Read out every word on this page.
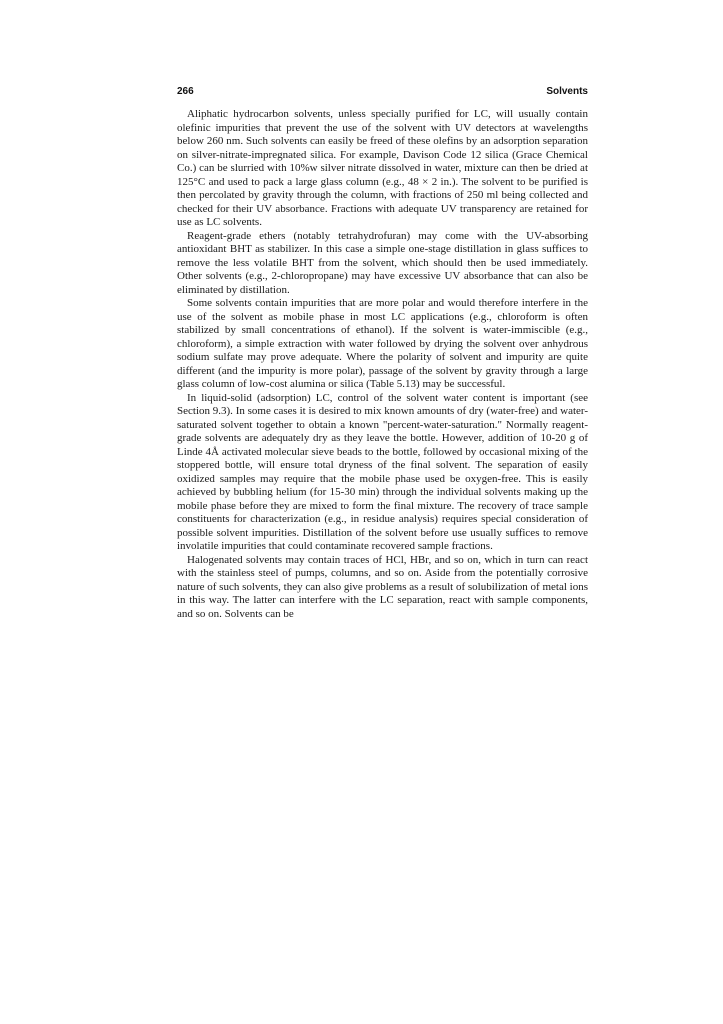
266	Solvents

Aliphatic hydrocarbon solvents, unless specially purified for LC, will usually contain olefinic impurities that prevent the use of the solvent with UV detectors at wavelengths below 260 nm. Such solvents can easily be freed of these olefins by an adsorption separation on silver-nitrate-impregnated silica. For example, Davison Code 12 silica (Grace Chemical Co.) can be slurried with 10%w silver nitrate dissolved in water, mixture can then be dried at 125°C and used to pack a large glass column (e.g., 48 × 2 in.). The solvent to be purified is then percolated by gravity through the column, with fractions of 250 ml being collected and checked for their UV absorbance. Fractions with adequate UV transparency are retained for use as LC solvents.

Reagent-grade ethers (notably tetrahydrofuran) may come with the UV-absorbing antioxidant BHT as stabilizer. In this case a simple one-stage distillation in glass suffices to remove the less volatile BHT from the solvent, which should then be used immediately. Other solvents (e.g., 2-chloropropane) may have excessive UV absorbance that can also be eliminated by distillation.

Some solvents contain impurities that are more polar and would therefore interfere in the use of the solvent as mobile phase in most LC applications (e.g., chloroform is often stabilized by small concentrations of ethanol). If the solvent is water-immiscible (e.g., chloroform), a simple extraction with water followed by drying the solvent over anhydrous sodium sulfate may prove adequate. Where the polarity of solvent and impurity are quite different (and the impurity is more polar), passage of the solvent by gravity through a large glass column of low-cost alumina or silica (Table 5.13) may be successful.

In liquid-solid (adsorption) LC, control of the solvent water content is important (see Section 9.3). In some cases it is desired to mix known amounts of dry (water-free) and water-saturated solvent together to obtain a known "percent-water-saturation." Normally reagent-grade solvents are adequately dry as they leave the bottle. However, addition of 10-20 g of Linde 4Å activated molecular sieve beads to the bottle, followed by occasional mixing of the stoppered bottle, will ensure total dryness of the final solvent. The separation of easily oxidized samples may require that the mobile phase used be oxygen-free. This is easily achieved by bubbling helium (for 15-30 min) through the individual solvents making up the mobile phase before they are mixed to form the final mixture. The recovery of trace sample constituents for characterization (e.g., in residue analysis) requires special consideration of possible solvent impurities. Distillation of the solvent before use usually suffices to remove involatile impurities that could contaminate recovered sample fractions.

Halogenated solvents may contain traces of HCl, HBr, and so on, which in turn can react with the stainless steel of pumps, columns, and so on. Aside from the potentially corrosive nature of such solvents, they can also give problems as a result of solubilization of metal ions in this way. The latter can interfere with the LC separation, react with sample components, and so on. Solvents can be
